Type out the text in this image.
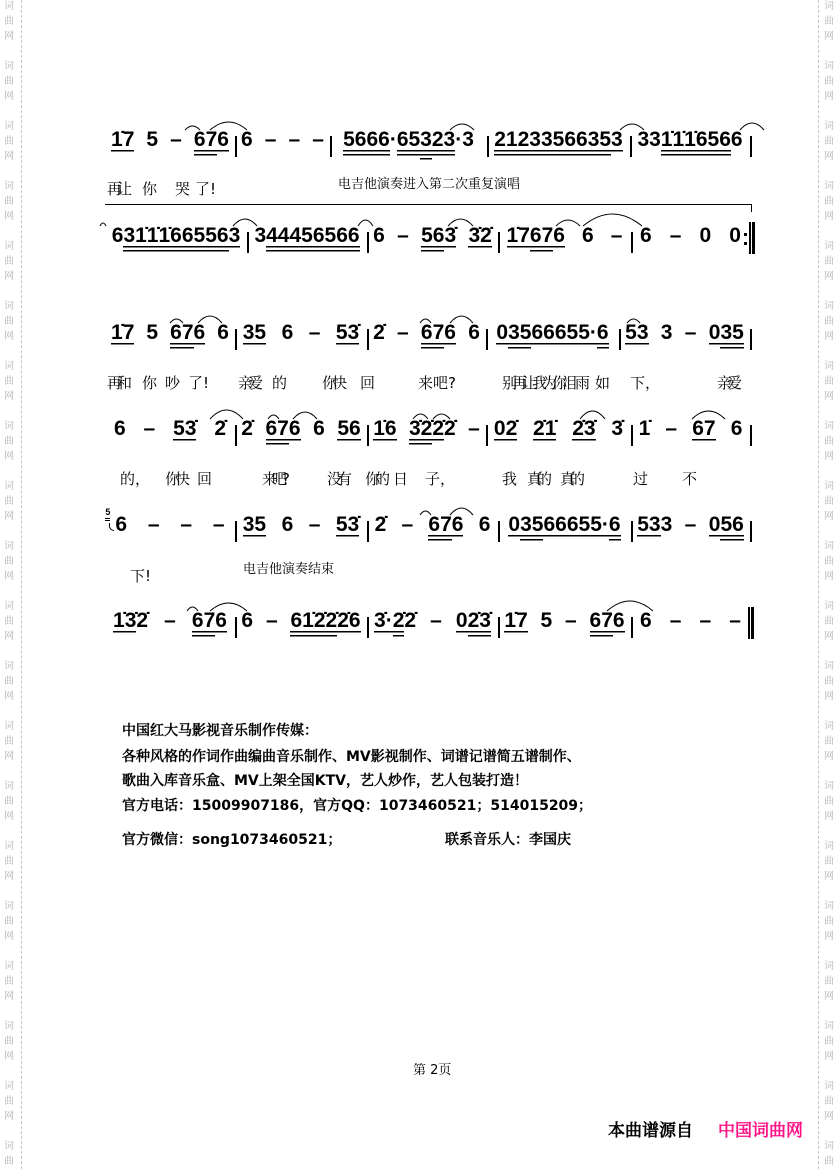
词
曲
网
词
曲
网
词
曲
网
词
曲
网
词
曲
网
词
曲
网
词
曲
网
词
曲
网
词
曲
网
词
曲
网
词
曲
网
词
曲
网
词
曲
网
词
曲
网
词
曲
网
词
曲
网
词
曲
网
词
曲
网
词
曲
网
词
曲
词
曲
网
词
曲
网
词
曲
网
词
曲
网
词
曲
网
词
曲
网
词
曲
网
词
曲
网
词
曲
网
词
曲
网
词
曲
网
词
曲
网
词
曲
网
词
曲
网
词
曲
网
词
曲
网
词
曲
网
词
曲
网
词
曲
网
词
曲
1̇7 5 – 67 6 6 – – – 5666 · 65 3 23 ·3 2123 3566 35 3 33 1̇1̇ 1̇656 6
再让 你 哭 了!	电吉他演奏进入第二次重复演唱
6 31̇1̇ 1̇665 56 3 3 4445 6566 6 – 56 3̇ 3̇2̇ 1̇7 67 6 6 – 6 – 0 0
1̇7 5 67 6 6 35 6 – 53̇ 2̇ – 67 6 6 0 35 66 65 5· 6 53 3 – 0 35
再和 你 吵 了! 亲爱 的 你快 回	来 吧?	别再让我为你泪 雨 如 下，	亲爱
6 – 53̇ 2̇ 2̇ 67 6 6 56 1̇6 3̇2̇ 2̇ 2̇ – 02̇ 2̇1̇ 2̇3̇ 3̇ 1̇ – 67 6
的， 你快 回	来吧?	没有 你的 日 子，	我 真的 真的	过 不
5
6 – – – 35 6 – 53̇ 2̇ – 67 6 6 0 35 66 65 5· 6 53 3 – 0 56
下!	电吉他演奏结束
1̇3̇ 2̇ – 67 6 6 – 61̇2̇2̇ 2̇6 3̇· 2̇ 2̇ – 0 2̇3̇ 1̇7 5 – 67 6 6 – – –
中国红大马影视音乐制作传媒：
各种风格的作词作曲编曲音乐制作、MV影视制作、词谱记谱简五谱制作、
歌曲入库音乐盒、MV上架全国KTV，艺人炒作，艺人包装打造！
官方电话：15009907186，官方QQ：1073460521；514015209；
官方微信：song1073460521；	联系音乐人：李国庆
第 2页
本曲谱源自 中国词曲网
